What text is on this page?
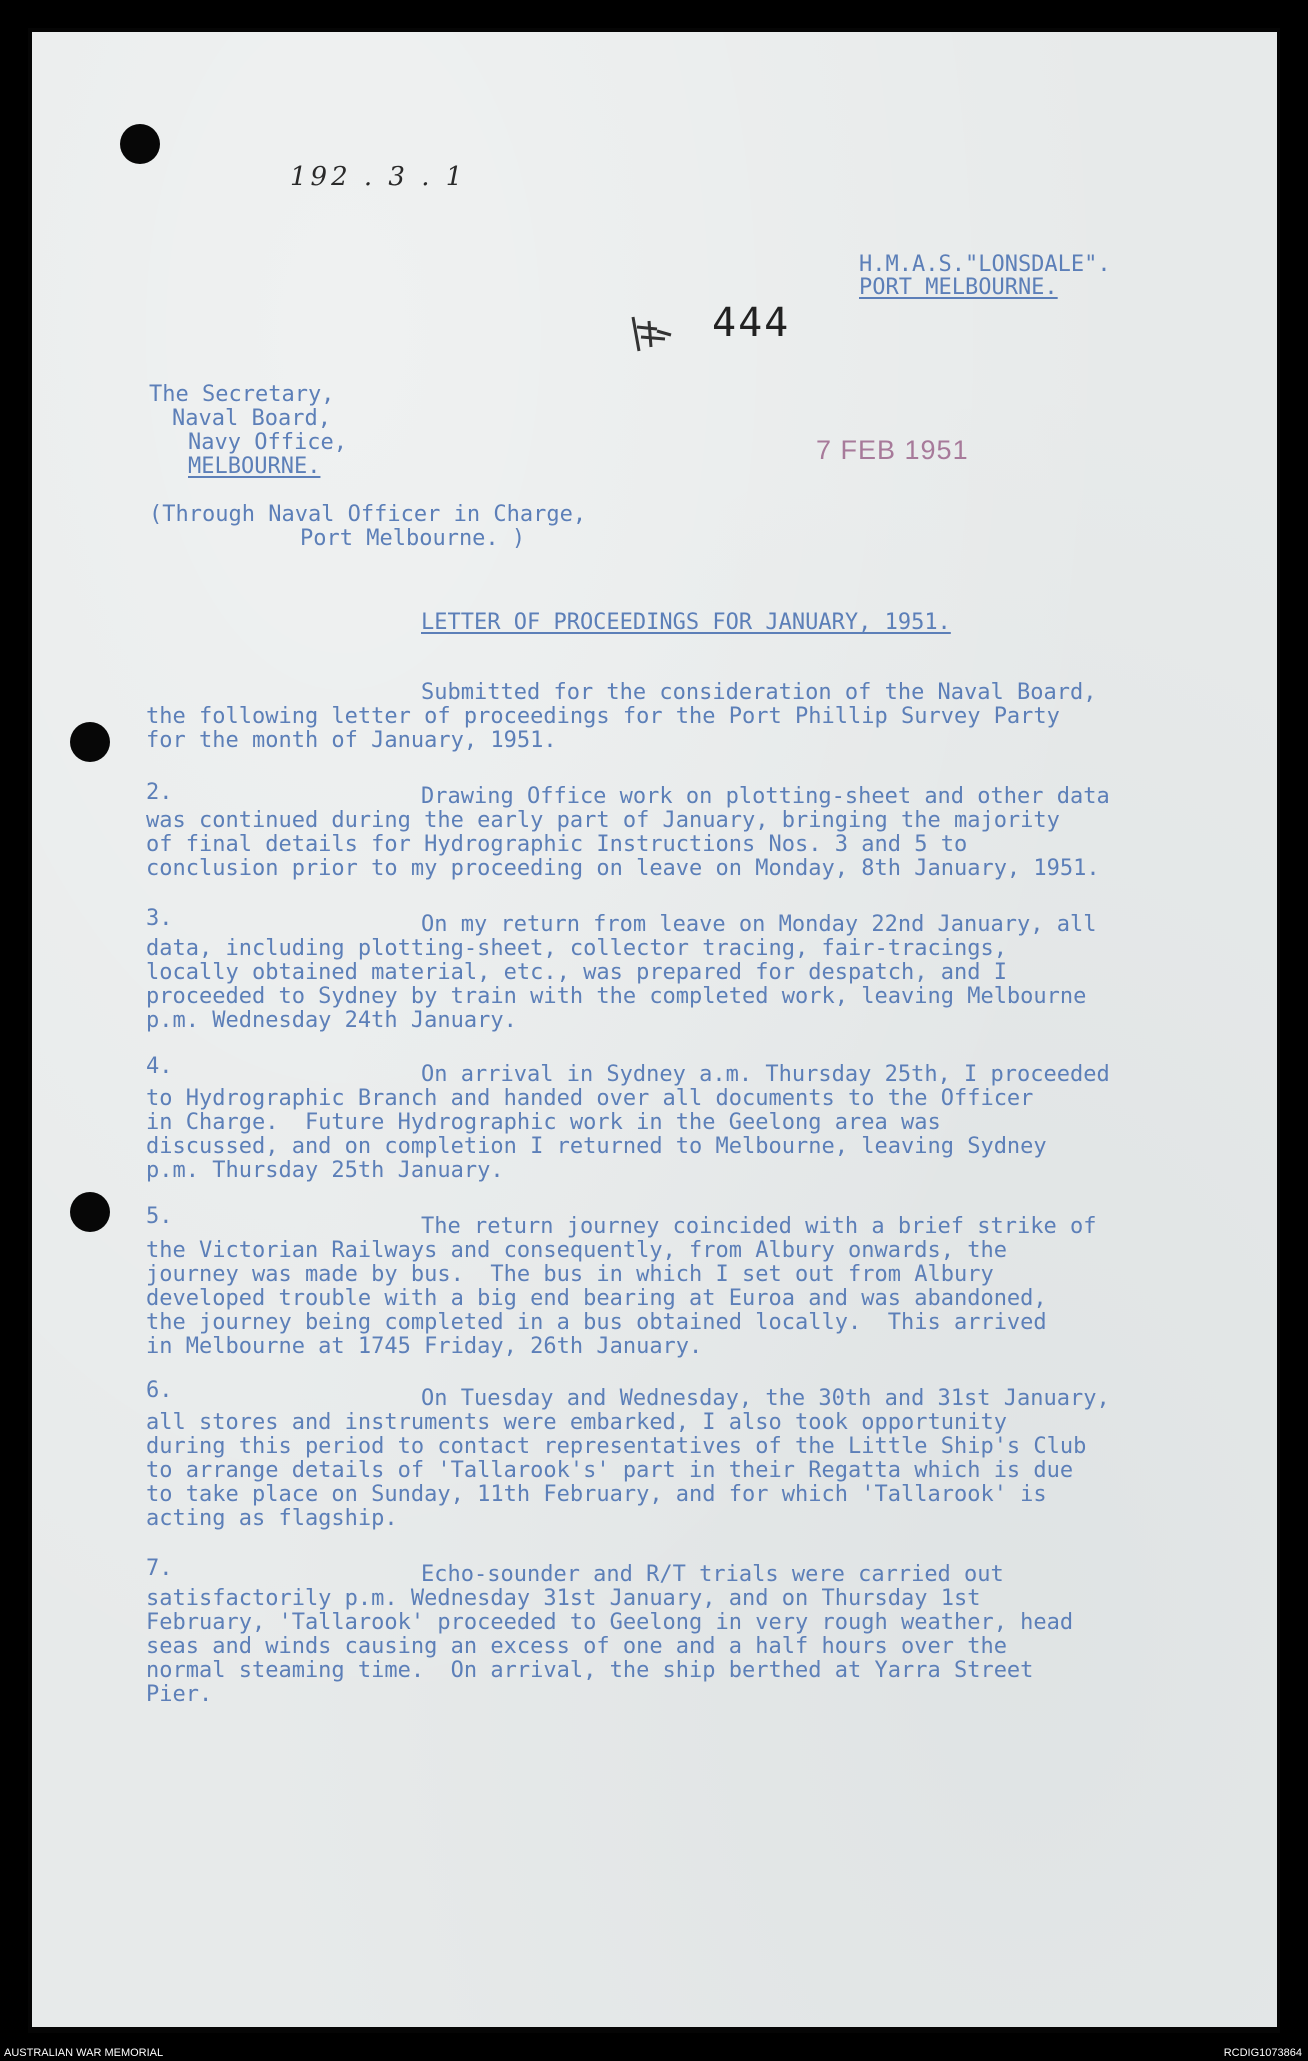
192 . 3 . 1
444
7 FEB 1951
H.M.A.S."LONSDALE".
PORT MELBOURNE.
The Secretary,
Naval Board,
Navy Office,
MELBOURNE.
(Through Naval Officer in Charge,
Port Melbourne. )
LETTER OF PROCEEDINGS FOR JANUARY, 1951.
Submitted for the consideration of the Naval Board,
the following letter of proceedings for the Port Phillip Survey Party
for the month of January, 1951.
2.	Drawing Office work on plotting-sheet and other data
was continued during the early part of January, bringing the majority
of final details for Hydrographic Instructions Nos. 3 and 5 to
conclusion prior to my proceeding on leave on Monday, 8th January, 1951.
3.	On my return from leave on Monday 22nd January, all
data, including plotting-sheet, collector tracing, fair-tracings,
locally obtained material, etc., was prepared for despatch, and I
proceeded to Sydney by train with the completed work, leaving Melbourne
p.m. Wednesday 24th January.
4.	On arrival in Sydney a.m. Thursday 25th, I proceeded
to Hydrographic Branch and handed over all documents to the Officer
in Charge.  Future Hydrographic work in the Geelong area was
discussed, and on completion I returned to Melbourne, leaving Sydney
p.m. Thursday 25th January.
5.	The return journey coincided with a brief strike of
the Victorian Railways and consequently, from Albury onwards, the
journey was made by bus.  The bus in which I set out from Albury
developed trouble with a big end bearing at Euroa and was abandoned,
the journey being completed in a bus obtained locally.  This arrived
in Melbourne at 1745 Friday, 26th January.
6.	On Tuesday and Wednesday, the 30th and 31st January,
all stores and instruments were embarked, I also took opportunity
during this period to contact representatives of the Little Ship's Club
to arrange details of 'Tallarook's' part in their Regatta which is due
to take place on Sunday, 11th February, and for which 'Tallarook' is
acting as flagship.
7.	Echo-sounder and R/T trials were carried out
satisfactorily p.m. Wednesday 31st January, and on Thursday 1st
February, 'Tallarook' proceeded to Geelong in very rough weather, head
seas and winds causing an excess of one and a half hours over the
normal steaming time.  On arrival, the ship berthed at Yarra Street
Pier.
AUSTRALIAN WAR MEMORIAL	RCDIG1073864
